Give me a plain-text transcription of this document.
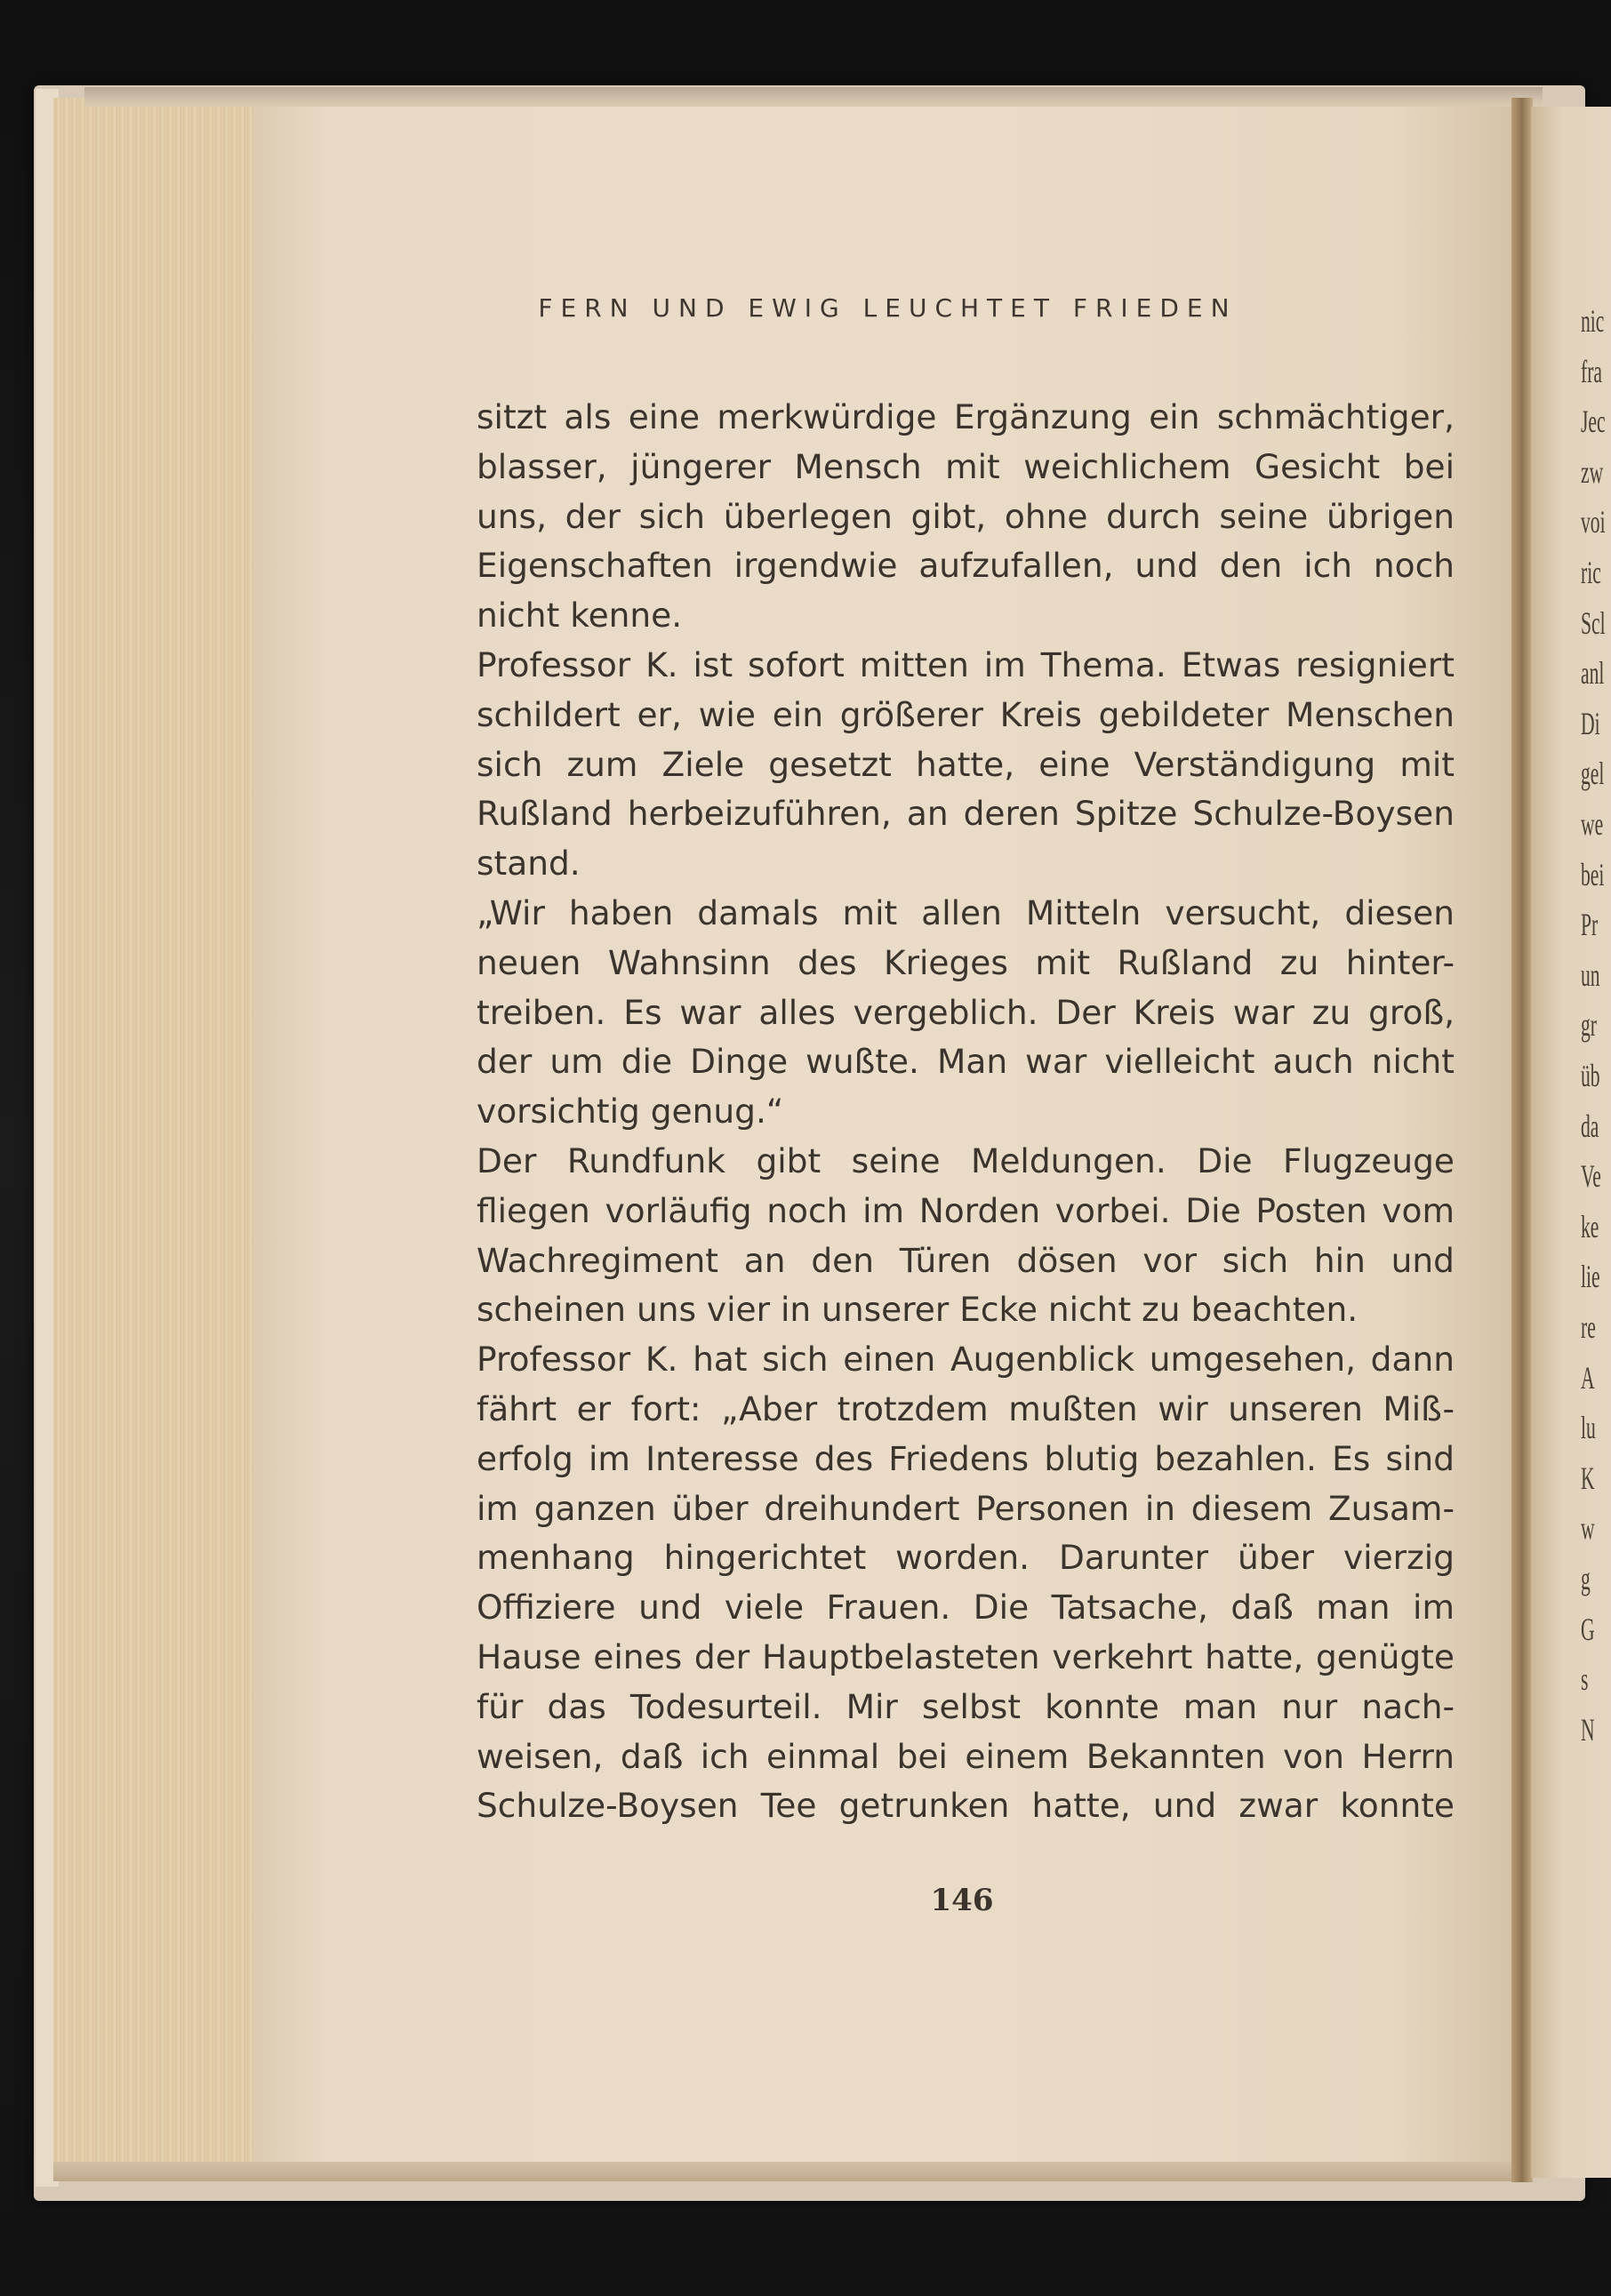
nic
fra
Jec
zw
voi
ric
Scl
anl
Di
gel
we
bei
Pr
un
gr
üb
da
Ve
ke
lie
re
A
lu
K
w
g
G
s
N
FERN UND EWIG LEUCHTET FRIEDEN
sitzt als eine merkwürdige Ergänzung ein schmächtiger,
blasser, jüngerer Mensch mit weichlichem Gesicht bei
uns, der sich überlegen gibt, ohne durch seine übrigen
Eigenschaften irgendwie aufzufallen, und den ich noch
nicht kenne.
Professor K. ist sofort mitten im Thema. Etwas resigniert
schildert er, wie ein größerer Kreis gebildeter Menschen
sich zum Ziele gesetzt hatte, eine Verständigung mit
Rußland herbeizuführen, an deren Spitze Schulze-Boysen
stand.
„Wir haben damals mit allen Mitteln versucht, diesen
neuen Wahnsinn des Krieges mit Rußland zu hinter-
treiben. Es war alles vergeblich. Der Kreis war zu groß,
der um die Dinge wußte. Man war vielleicht auch nicht
vorsichtig genug.“
Der Rundfunk gibt seine Meldungen. Die Flugzeuge
fliegen vorläufig noch im Norden vorbei. Die Posten vom
Wachregiment an den Türen dösen vor sich hin und
scheinen uns vier in unserer Ecke nicht zu beachten.
Professor K. hat sich einen Augenblick umgesehen, dann
fährt er fort: „Aber trotzdem mußten wir unseren Miß-
erfolg im Interesse des Friedens blutig bezahlen. Es sind
im ganzen über dreihundert Personen in diesem Zusam-
menhang hingerichtet worden. Darunter über vierzig
Offiziere und viele Frauen. Die Tatsache, daß man im
Hause eines der Hauptbelasteten verkehrt hatte, genügte
für das Todesurteil. Mir selbst konnte man nur nach-
weisen, daß ich einmal bei einem Bekannten von Herrn
Schulze-Boysen Tee getrunken hatte, und zwar konnte
146
